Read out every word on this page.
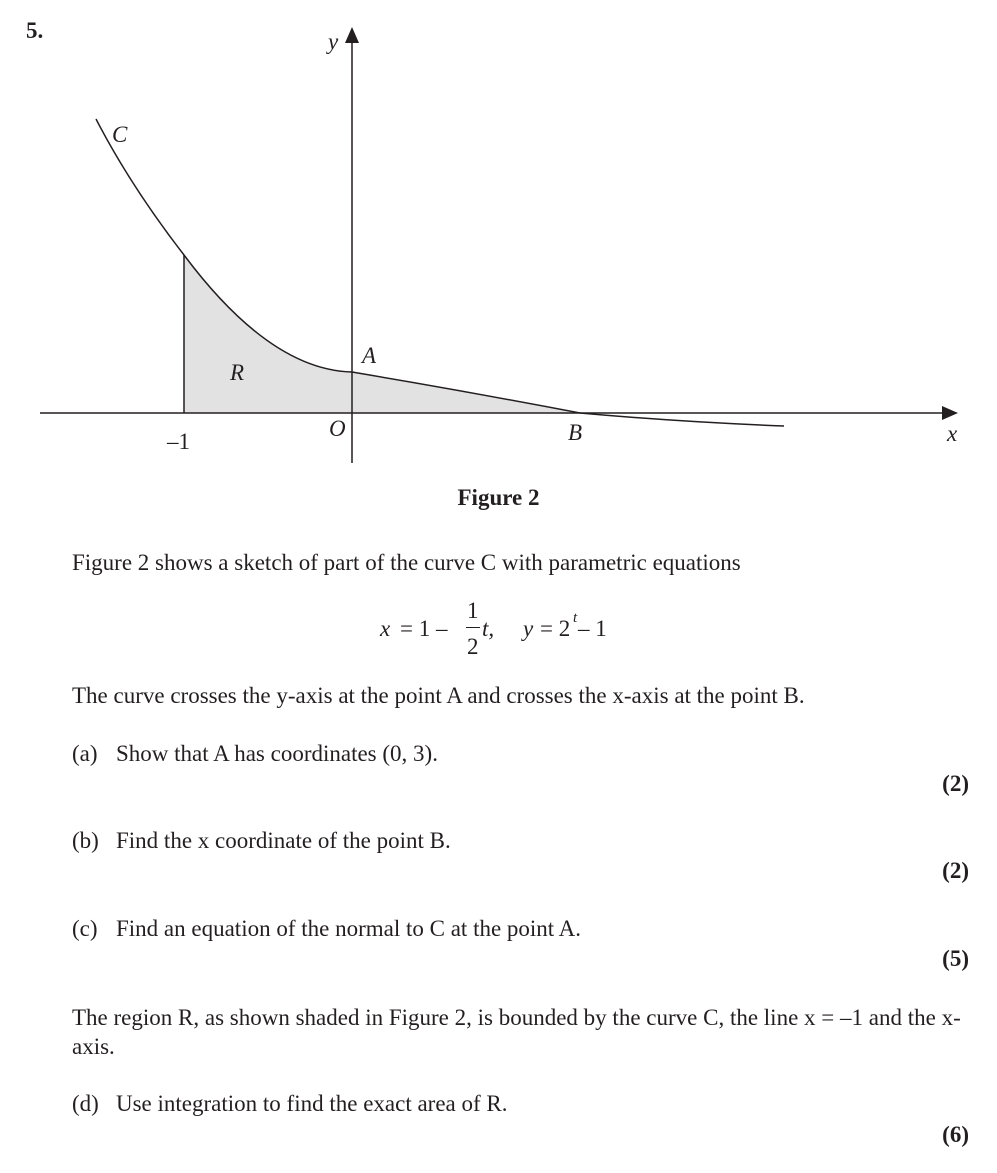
5.	y
C
R
A
O
–1	B	x
Figure 2
Figure 2 shows a sketch of part of the curve C with parametric equations
x = 1 –
1
2
t, y = 2 t – 1
The curve crosses the y-axis at the point A and crosses the x-axis at the point B.
(a) Show that A has coordinates (0, 3).
(2)
(b) Find the x coordinate of the point B.
(2)
(c) Find an equation of the normal to C at the point A.
(5)
The region R, as shown shaded in Figure 2, is bounded by the curve C, the line x = –1 and the x-axis.
(d) Use integration to find the exact area of R.
(6)
